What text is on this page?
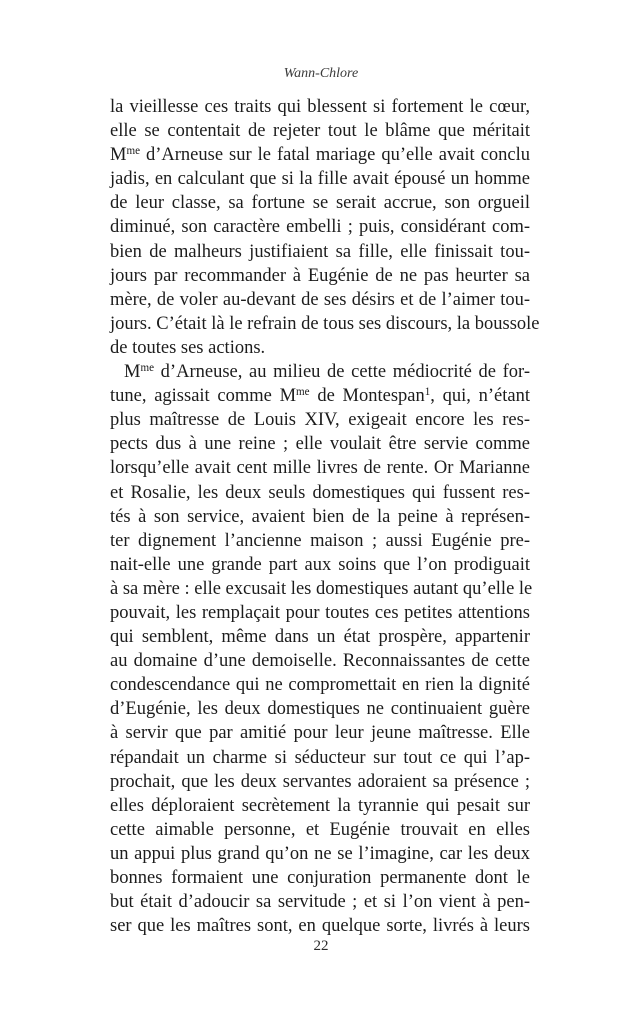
Wann-Chlore
la vieillesse ces traits qui blessent si fortement le cœur,
elle se contentait de rejeter tout le blâme que méritait
$M^{me}$ d’Arneuse sur le fatal mariage qu’elle avait conclu
jadis, en calculant que si la fille avait épousé un homme
de leur classe, sa fortune se serait accrue, son orgueil
diminué, son caractère embelli ; puis, considérant com-
bien de malheurs justifiaient sa fille, elle finissait tou-
jours par recommander à Eugénie de ne pas heurter sa
mère, de voler au-devant de ses désirs et de l’aimer tou-
jours. C’était là le refrain de tous ses discours, la boussole
de toutes ses actions.
$M^{me}$ d’Arneuse, au milieu de cette médiocrité de for-
tune, agissait comme $M^{me}$ de Montespan$^1$, qui, n’étant
plus maîtresse de Louis XIV, exigeait encore les res-
pects dus à une reine ; elle voulait être servie comme
lorsqu’elle avait cent mille livres de rente. Or Marianne
et Rosalie, les deux seuls domestiques qui fussent res-
tés à son service, avaient bien de la peine à représen-
ter dignement l’ancienne maison ; aussi Eugénie pre-
nait-elle une grande part aux soins que l’on prodiguait
à sa mère : elle excusait les domestiques autant qu’elle le
pouvait, les remplaçait pour toutes ces petites attentions
qui semblent, même dans un état prospère, appartenir
au domaine d’une demoiselle. Reconnaissantes de cette
condescendance qui ne compromettait en rien la dignité
d’Eugénie, les deux domestiques ne continuaient guère
à servir que par amitié pour leur jeune maîtresse. Elle
répandait un charme si séducteur sur tout ce qui l’ap-
prochait, que les deux servantes adoraient sa présence ;
elles déploraient secrètement la tyrannie qui pesait sur
cette aimable personne, et Eugénie trouvait en elles
un appui plus grand qu’on ne se l’imagine, car les deux
bonnes formaient une conjuration permanente dont le
but était d’adoucir sa servitude ; et si l’on vient à pen-
ser que les maîtres sont, en quelque sorte, livrés à leurs
22
